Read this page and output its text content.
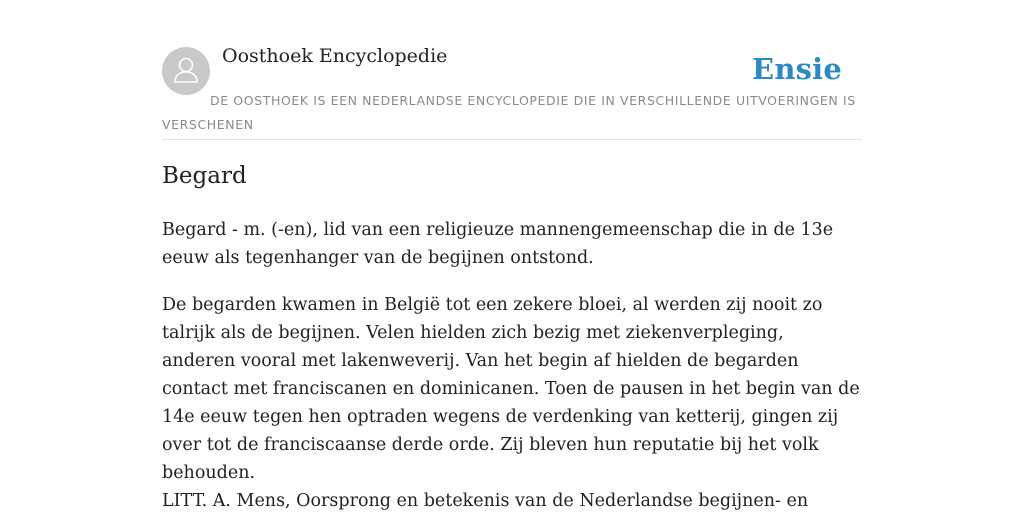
Oosthoek Encyclopedie	Ensie
DE OOSTHOEK IS EEN NEDERLANDSE ENCYCLOPEDIE DIE IN VERSCHILLENDE UITVOERINGEN IS VERSCHENEN
Begard

Begard - m. (-en), lid van een religieuze mannengemeenschap die in de 13e eeuw als tegenhanger van de begijnen ontstond.

De begarden kwamen in België tot een zekere bloei, al werden zij nooit zo talrijk als de begijnen. Velen hielden zich bezig met ziekenverpleging, anderen vooral met lakenweverij. Van het begin af hielden de begarden contact met franciscanen en dominicanen. Toen de pausen in het begin van de 14e eeuw tegen hen optraden wegens de verdenking van ketterij, gingen zij over tot de franciscaanse derde orde. Zij bleven hun reputatie bij het volk behouden.

LITT. A. Mens, Oorsprong en betekenis van de Nederlandse begijnen- en
